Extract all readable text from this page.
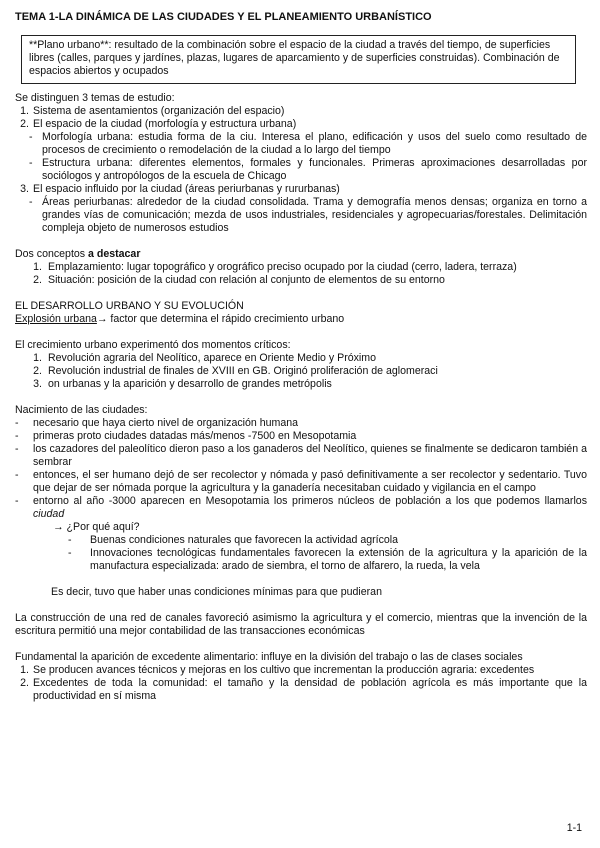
TEMA 1-LA DINÁMICA DE LAS CIUDADES Y EL PLANEAMIENTO URBANÍSTICO
**Plano urbano**: resultado de la combinación sobre el espacio de la ciudad a través del tiempo, de superficies libres (calles, parques y jardínes, plazas, lugares de aparcamiento y de superficies construidas). Combinación de espacios abiertos y ocupados

Se distinguen 3 temas de estudio:

1. Sistema de asentamientos (organización del espacio)
2. El espacio de la ciudad (morfología y estructura urbana)
- Morfología urbana: estudia forma de la ciu. Interesa el plano, edificación y usos del suelo como resultado de procesos de crecimiento o remodelación de la ciudad a lo largo del tiempo
- Estructura urbana: diferentes elementos, formales y funcionales. Primeras aproximaciones desarrolladas por sociólogos y antropólogos de la escuela de Chicago
3. El espacio influido por la ciudad (áreas periurbanas y rururbanas)
- Áreas periurbanas: alrededor de la ciudad consolidada. Trama y demografía menos densas; organiza en torno a grandes vías de comunicación; mezda de usos industriales, residenciales y agropecuarias/forestales. Delimitación compleja objeto de numerosos estudios

Dos conceptos a destacar

1. Emplazamiento: lugar topográfico y orográfico preciso ocupado por la ciudad (cerro, ladera, terraza)
2. Situación: posición de la ciudad con relación al conjunto de elementos de su entorno

EL DESARROLLO URBANO Y SU EVOLUCIÓN

Explosión urbana→ factor que determina el rápido crecimiento urbano

El crecimiento urbano experimentó dos momentos críticos:

1. Revolución agraria del Neolítico, aparece en Oriente Medio y Próximo
2. Revolución industrial de finales de XVIII en GB. Originó proliferación de aglomeraci
3. on urbanas y la aparición y desarrollo de grandes metrópolis

Nacimiento de las ciudades:

- necesario que haya cierto nivel de organización humana
- primeras proto ciudades datadas más/menos -7500 en Mesopotamia
- los cazadores del paleolítico dieron paso a los ganaderos del Neolítico, quienes se finalmente se dedicaron también a sembrar
- entonces, el ser humano dejó de ser recolector y nómada y pasó definitivamente a ser recolector y sedentario. Tuvo que dejar de ser nómada porque la agricultura y la ganadería necesitaban cuidado y vigilancia en el campo
- entorno al año -3000 aparecen en Mesopotamia los primeros núcleos de población a los que podemos llamarlos ciudad

→ ¿Por qué aquí?

- Buenas condiciones naturales que favorecen la actividad agrícola
- Innovaciones tecnológicas fundamentales favorecen la extensión de la agricultura y la aparición de la manufactura especializada: arado de siembra, el torno de alfarero, la rueda, la vela

Es decir, tuvo que haber unas condiciones mínimas para que pudieran

La construcción de una red de canales favoreció asimismo la agricultura y el comercio, mientras que la invención de la escritura permitió una mejor contabilidad de las transacciones económicas

Fundamental la aparición de excedente alimentario: influye en la división del trabajo o las de clases sociales

1. Se producen avances técnicos y mejoras en los cultivo que incrementan la producción agraria: excedentes
2. Excedentes de toda la comunidad: el tamaño y la densidad de población agrícola es más importante que la productividad en sí misma
1-1
